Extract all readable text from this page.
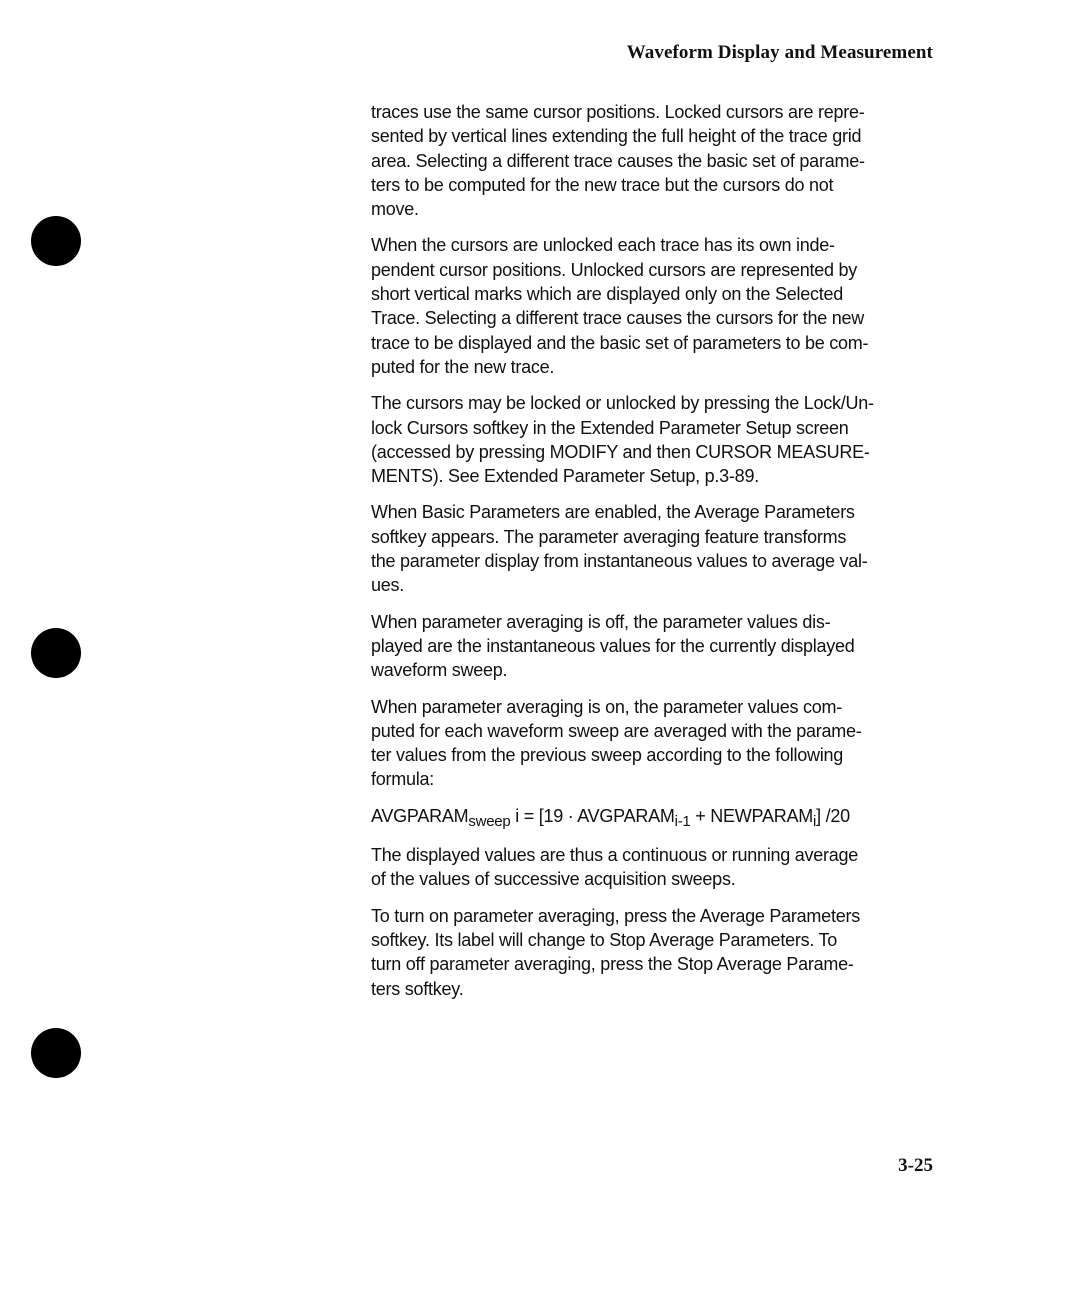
Waveform Display and Measurement

traces use the same cursor positions. Locked cursors are repre-
sented by vertical lines extending the full height of the trace grid
area. Selecting a different trace causes the basic set of parame-
ters to be computed for the new trace but the cursors do not
move.

When the cursors are unlocked each trace has its own inde-
pendent cursor positions. Unlocked cursors are represented by
short vertical marks which are displayed only on the Selected
Trace. Selecting a different trace causes the cursors for the new
trace to be displayed and the basic set of parameters to be com-
puted for the new trace.

The cursors may be locked or unlocked by pressing the Lock/Un-
lock Cursors softkey in the Extended Parameter Setup screen
(accessed by pressing MODIFY and then CURSOR MEASURE-
MENTS). See Extended Parameter Setup, p.3-89.

When Basic Parameters are enabled, the Average Parameters
softkey appears. The parameter averaging feature transforms
the parameter display from instantaneous values to average val-
ues.

When parameter averaging is off, the parameter values dis-
played are the instantaneous values for the currently displayed
waveform sweep.

When parameter averaging is on, the parameter values com-
puted for each waveform sweep are averaged with the parame-
ter values from the previous sweep according to the following
formula:

$AVGPARAM_{sweep}$ $i = [19 \cdot AVGPARAM_{i-1}$ + $NEWPARAM_i$] /20

The displayed values are thus a continuous or running average
of the values of successive acquisition sweeps.

To turn on parameter averaging, press the Average Parameters
softkey. Its label will change to Stop Average Parameters. To
turn off parameter averaging, press the Stop Average Parame-
ters softkey.

3-25
